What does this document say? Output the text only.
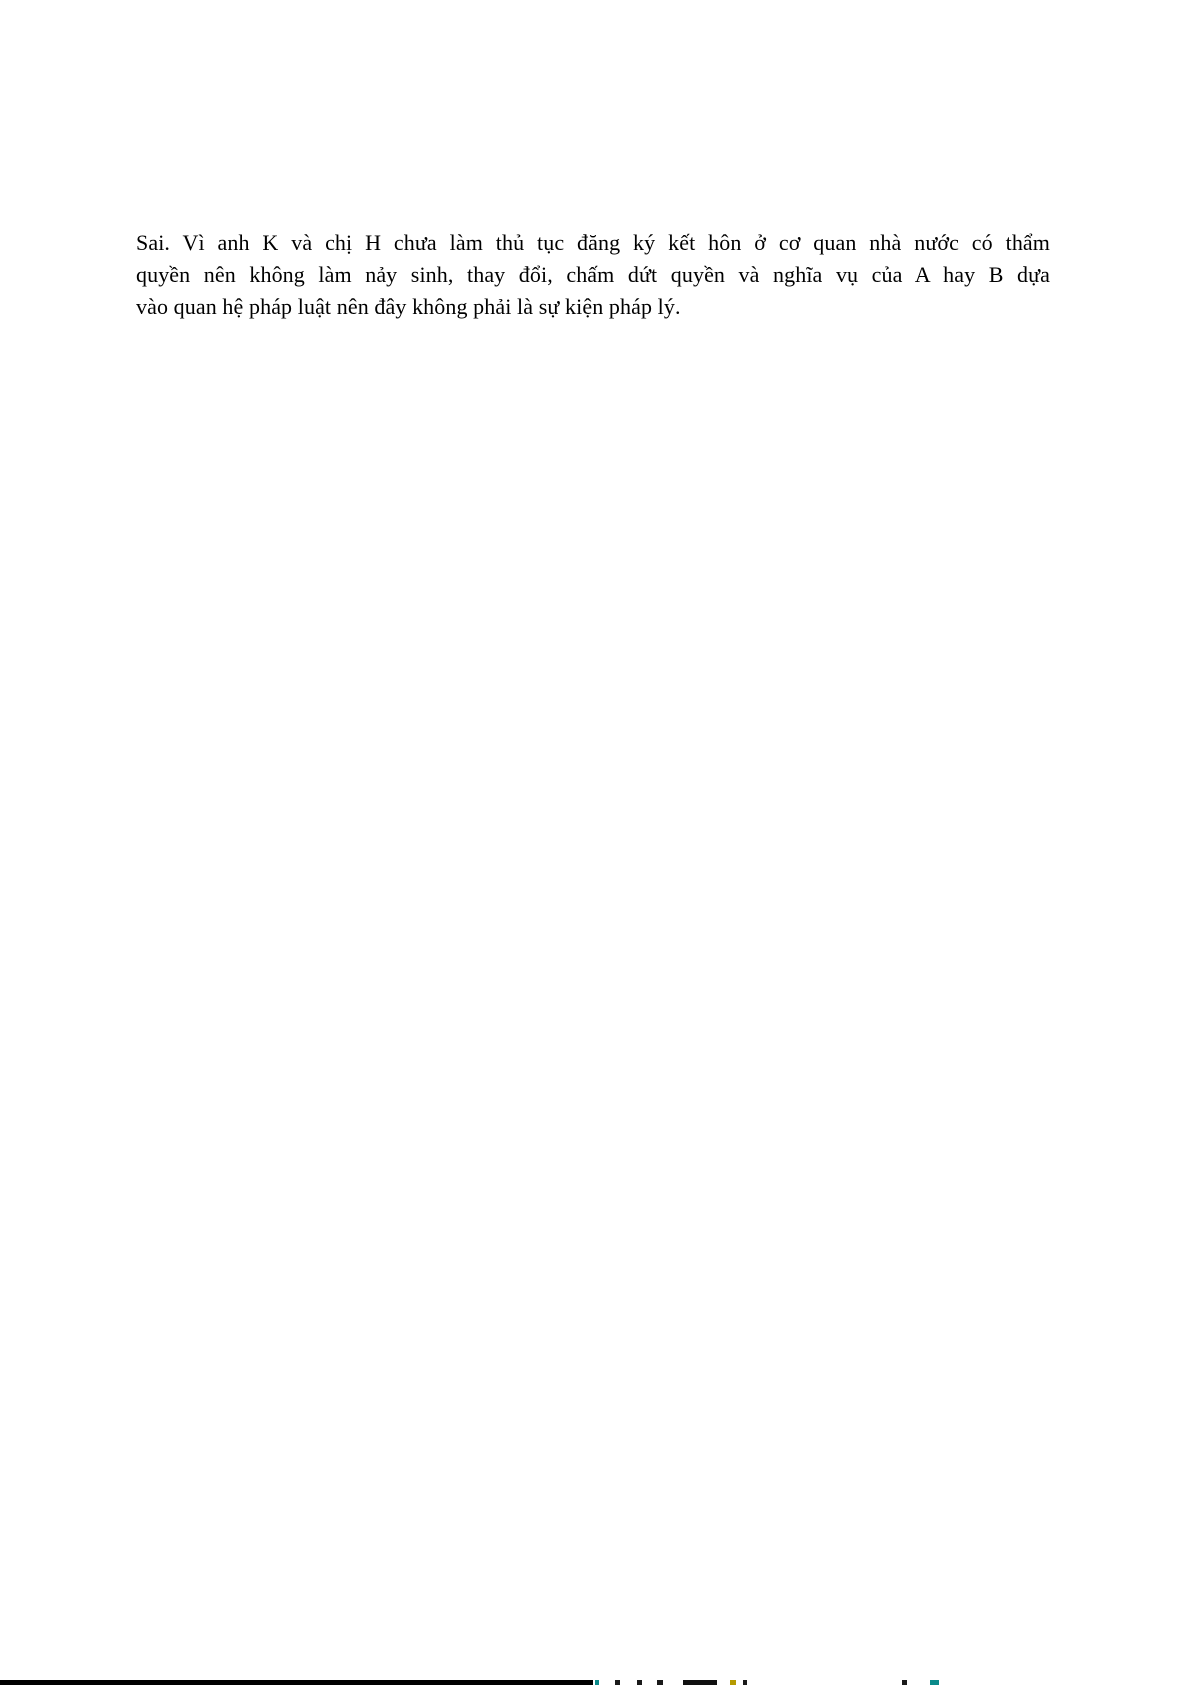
Sai. Vì anh K và chị H chưa làm thủ tục đăng ký kết hôn ở cơ quan nhà nước có thẩm
quyền nên không làm nảy sinh, thay đổi, chấm dứt quyền và nghĩa vụ của A hay B dựa
vào quan hệ pháp luật nên đây không phải là sự kiện pháp lý.
